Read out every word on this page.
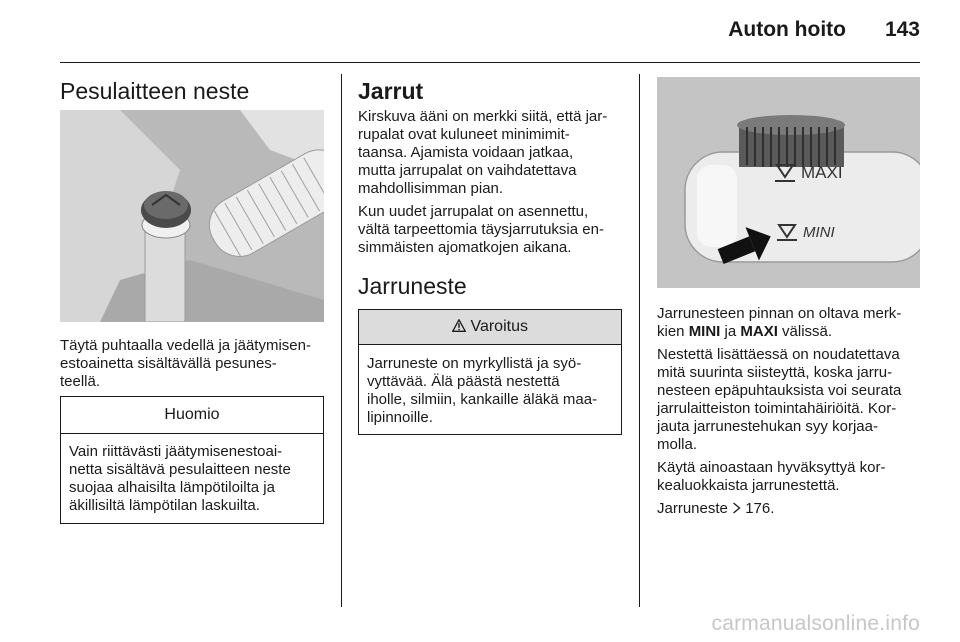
Auton hoito 143
Pesulaitteen neste

Täytä puhtaalla vedellä ja jäätymisen-
estoainetta sisältävällä pesunes-
teellä.

Huomio
Vain riittävästi jäätymisenestoai-
netta sisältävä pesulaitteen neste
suojaa alhaisilta lämpötiloilta ja
äkillisiltä lämpötilan laskuilta.
Jarrut

Kirskuva ääni on merkki siitä, että jar-
rupalat ovat kuluneet minimimit-
taansa. Ajamista voidaan jatkaa,
mutta jarrupalat on vaihdatettava
mahdollisimman pian.

Kun uudet jarrupalat on asennettu,
vältä tarpeettomia täysjarrutuksia en-
simmäisten ajomatkojen aikana.

Jarruneste
Varoitus
Jarruneste on myrkyllistä ja syö-
vyttävää. Älä päästä nestettä
iholle, silmiin, kankaille äläkä maa-
lipinnoille.
MAXI
MINI

Jarrunesteen pinnan on oltava merk-
kien MINI ja MAXI välissä.

Nestettä lisättäessä on noudatettava
mitä suurinta siisteyttä, koska jarru-
nesteen epäpuhtauksista voi seurata
jarrulaitteiston toimintahäiriöitä. Kor-
jauta jarrunestehukan syy korjaa-
molla.

Käytä ainoastaan hyväksyttyä kor-
kealuokkaista jarrunestettä.

Jarruneste 176.

carmanualsonline.info
